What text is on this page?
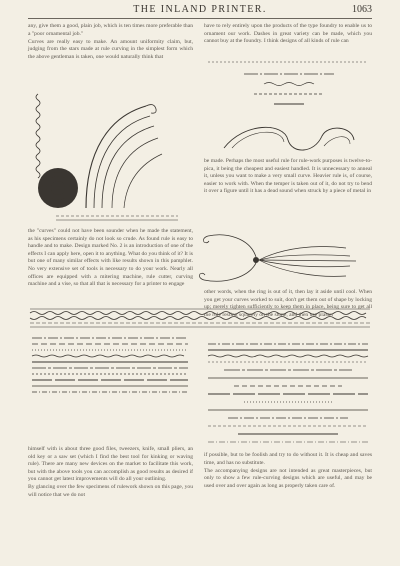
THE INLAND PRINTER.	1063

any, give them a good, plain job, which is ten times more preferable than a "poor ornamental job."

Curves are really easy to make. An amount uniformity claim, but, judging from the stars made at rule curving in the simplest form which the above gentleman is taken, one would naturally think that

the "curves" could not have been sounder when he made the statement, as his specimens certainly do not look so crude. As found rule is easy to handle and to make. Design marked No. 2 is an introduction of one of the effects I can apply here, open it to anything. What do you think of it? It is but one of many similar effects with like results shown in this pamphlet. No very extensive set of tools is necessary to do your work. Nearly all offices are equipped with a mitering machine, rule cutter, curving machine and a vise, so that all that is necessary for a printer to engage

himself with is about three good files, tweezers, knife, small pliers, an old key or a saw set (which I find the best tool for kinking or waving rule). There are many new devices on the market to facilitate this work, but with the above tools you can accomplish as good results as desired if you cannot get latest improvements will do all your outlining.

By glancing over the few specimens of rulework shown on this page, you will notice that we do not

have to rely entirely upon the products of the type foundry to enable us to ornament our work. Dashes in great variety can be made, which you cannot buy at the foundry. I think designs of all kinds of rule can

be made. Perhaps the most useful rule for rule-work purposes is twelve-to-pica, it being the cheapest and easiest handled. It is unnecessary to anneal it, unless you want to make a very small curve. Heavier rule is, of course, easier to work with. When the temper is taken out of it, do not try to bend it over a figure until it has a dead sound when struck by a piece of metal in

other words, when the ring is out of it, then lay it aside until cool. When you get your curves worked to suit, don't get them out of shape by locking up; merely tighten sufficiently to keep them in place, being sure to get all the rule resting squarely on the stone, and then use plaster

if possible, but to be foolish and try to do without it. It is cheap and saves time, and has no substitute.

The accompanying designs are not intended as great masterpieces, but only to show a few rule-curving designs which are useful, and may be used over and over again as long as properly taken care of.
